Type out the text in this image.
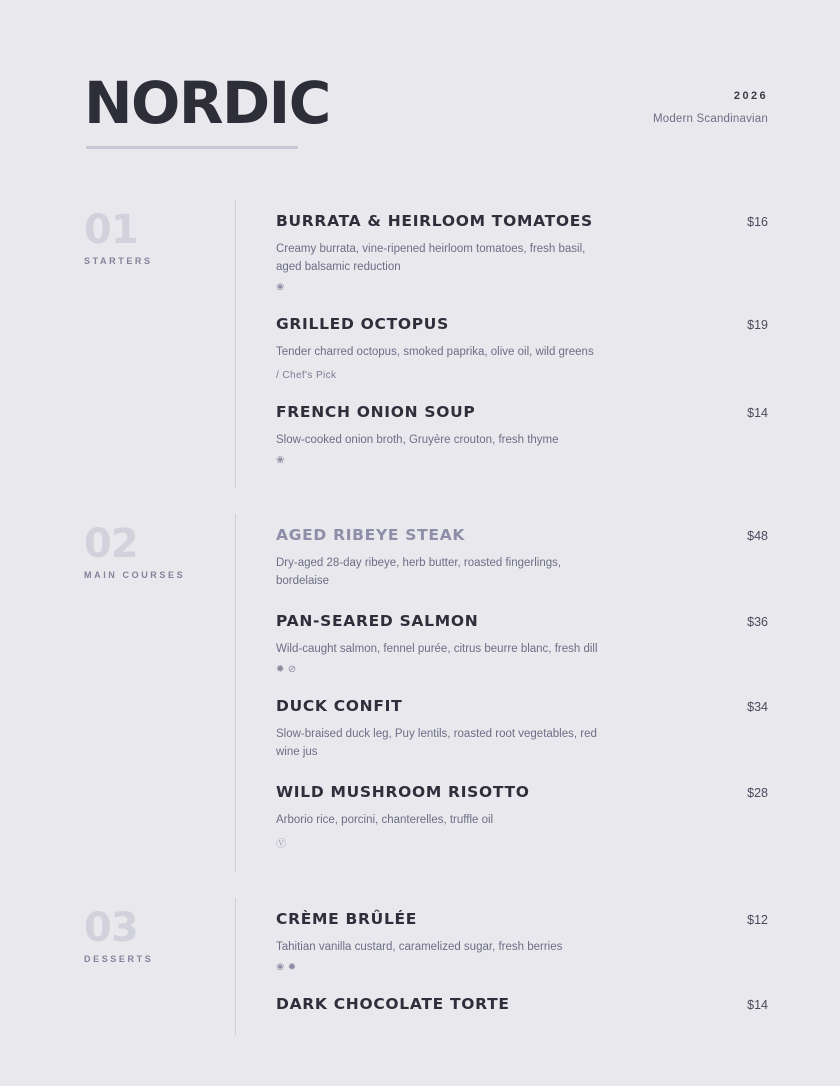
NORDIC	2026
Modern Scandinavian
01
STARTERS
BURRATA & HEIRLOOM TOMATOES	$16
Creamy burrata, vine-ripened heirloom tomatoes, fresh basil, aged balsamic reduction
❀
GRILLED OCTOPUS	$19
Tender charred octopus, smoked paprika, olive oil, wild greens
/ Chef's Pick
FRENCH ONION SOUP	$14
Slow-cooked onion broth, Gruyère crouton, fresh thyme
❀
02
MAIN COURSES
AGED RIBEYE STEAK	$48
Dry-aged 28-day ribeye, herb butter, roasted fingerlings, bordelaise
PAN-SEARED SALMON	$36
Wild-caught salmon, fennel purée, citrus beurre blanc, fresh dill
✹ ⊘
DUCK CONFIT	$34
Slow-braised duck leg, Puy lentils, roasted root vegetables, red wine jus
WILD MUSHROOM RISOTTO	$28
Arborio rice, porcini, chanterelles, truffle oil
Ⓥ
03
DESSERTS
CRÈME BRÛLÉE	$12
Tahitian vanilla custard, caramelized sugar, fresh berries
❀ ✹
DARK CHOCOLATE TORTE	$14
